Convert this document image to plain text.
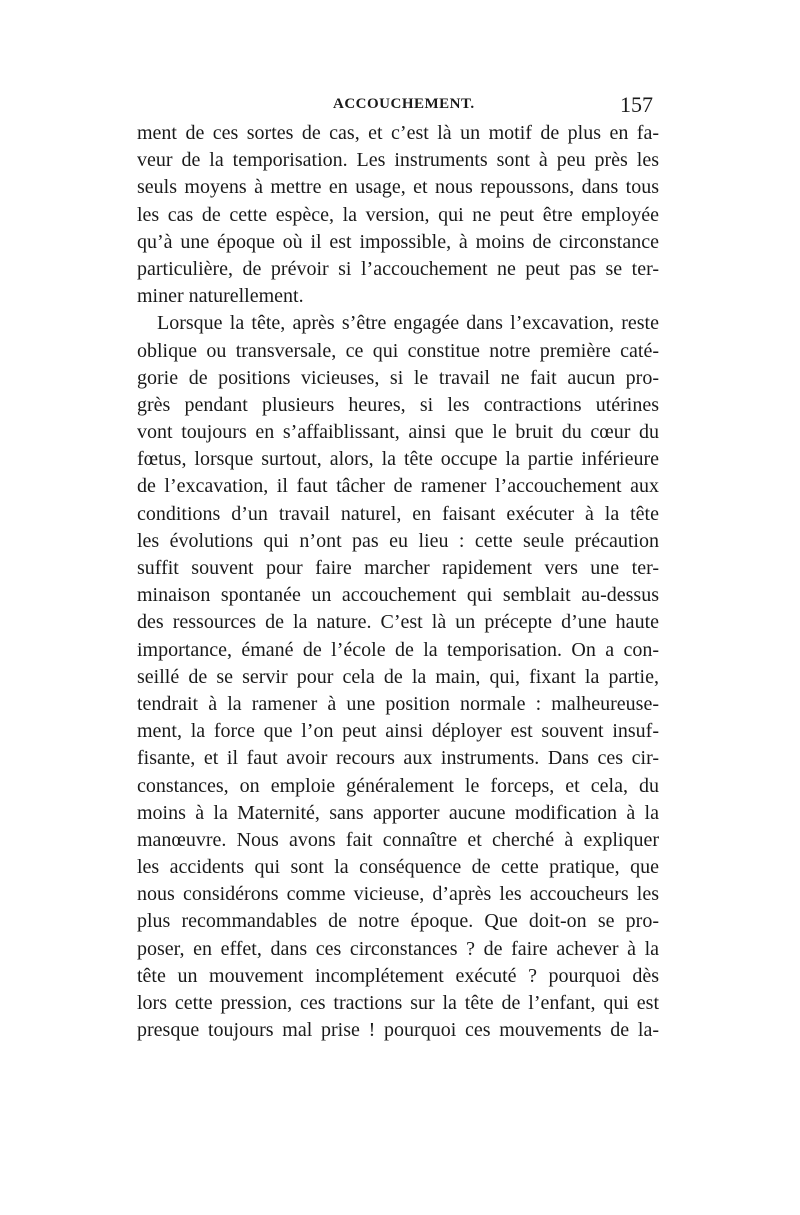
ACCOUCHEMENT.	157
ment de ces sortes de cas, et c’est là un motif de plus en fa-
veur de la temporisation. Les instruments sont à peu près les
seuls moyens à mettre en usage, et nous repoussons, dans tous
les cas de cette espèce, la version, qui ne peut être employée
qu’à une époque où il est impossible, à moins de circonstance
particulière, de prévoir si l’accouchement ne peut pas se ter-
miner naturellement.
Lorsque la tête, après s’être engagée dans l’excavation, reste
oblique ou transversale, ce qui constitue notre première caté-
gorie de positions vicieuses, si le travail ne fait aucun pro-
grès pendant plusieurs heures, si les contractions utérines
vont toujours en s’affaiblissant, ainsi que le bruit du cœur du
fœtus, lorsque surtout, alors, la tête occupe la partie inférieure
de l’excavation, il faut tâcher de ramener l’accouchement aux
conditions d’un travail naturel, en faisant exécuter à la tête
les évolutions qui n’ont pas eu lieu : cette seule précaution
suffit souvent pour faire marcher rapidement vers une ter-
minaison spontanée un accouchement qui semblait au-dessus
des ressources de la nature. C’est là un précepte d’une haute
importance, émané de l’école de la temporisation. On a con-
seillé de se servir pour cela de la main, qui, fixant la partie,
tendrait à la ramener à une position normale : malheureuse-
ment, la force que l’on peut ainsi déployer est souvent insuf-
fisante, et il faut avoir recours aux instruments. Dans ces cir-
constances, on emploie généralement le forceps, et cela, du
moins à la Maternité, sans apporter aucune modification à la
manœuvre. Nous avons fait connaître et cherché à expliquer
les accidents qui sont la conséquence de cette pratique, que
nous considérons comme vicieuse, d’après les accoucheurs les
plus recommandables de notre époque. Que doit-on se pro-
poser, en effet, dans ces circonstances ? de faire achever à la
tête un mouvement incomplétement exécuté ? pourquoi dès
lors cette pression, ces tractions sur la tête de l’enfant, qui est
presque toujours mal prise ! pourquoi ces mouvements de la-
